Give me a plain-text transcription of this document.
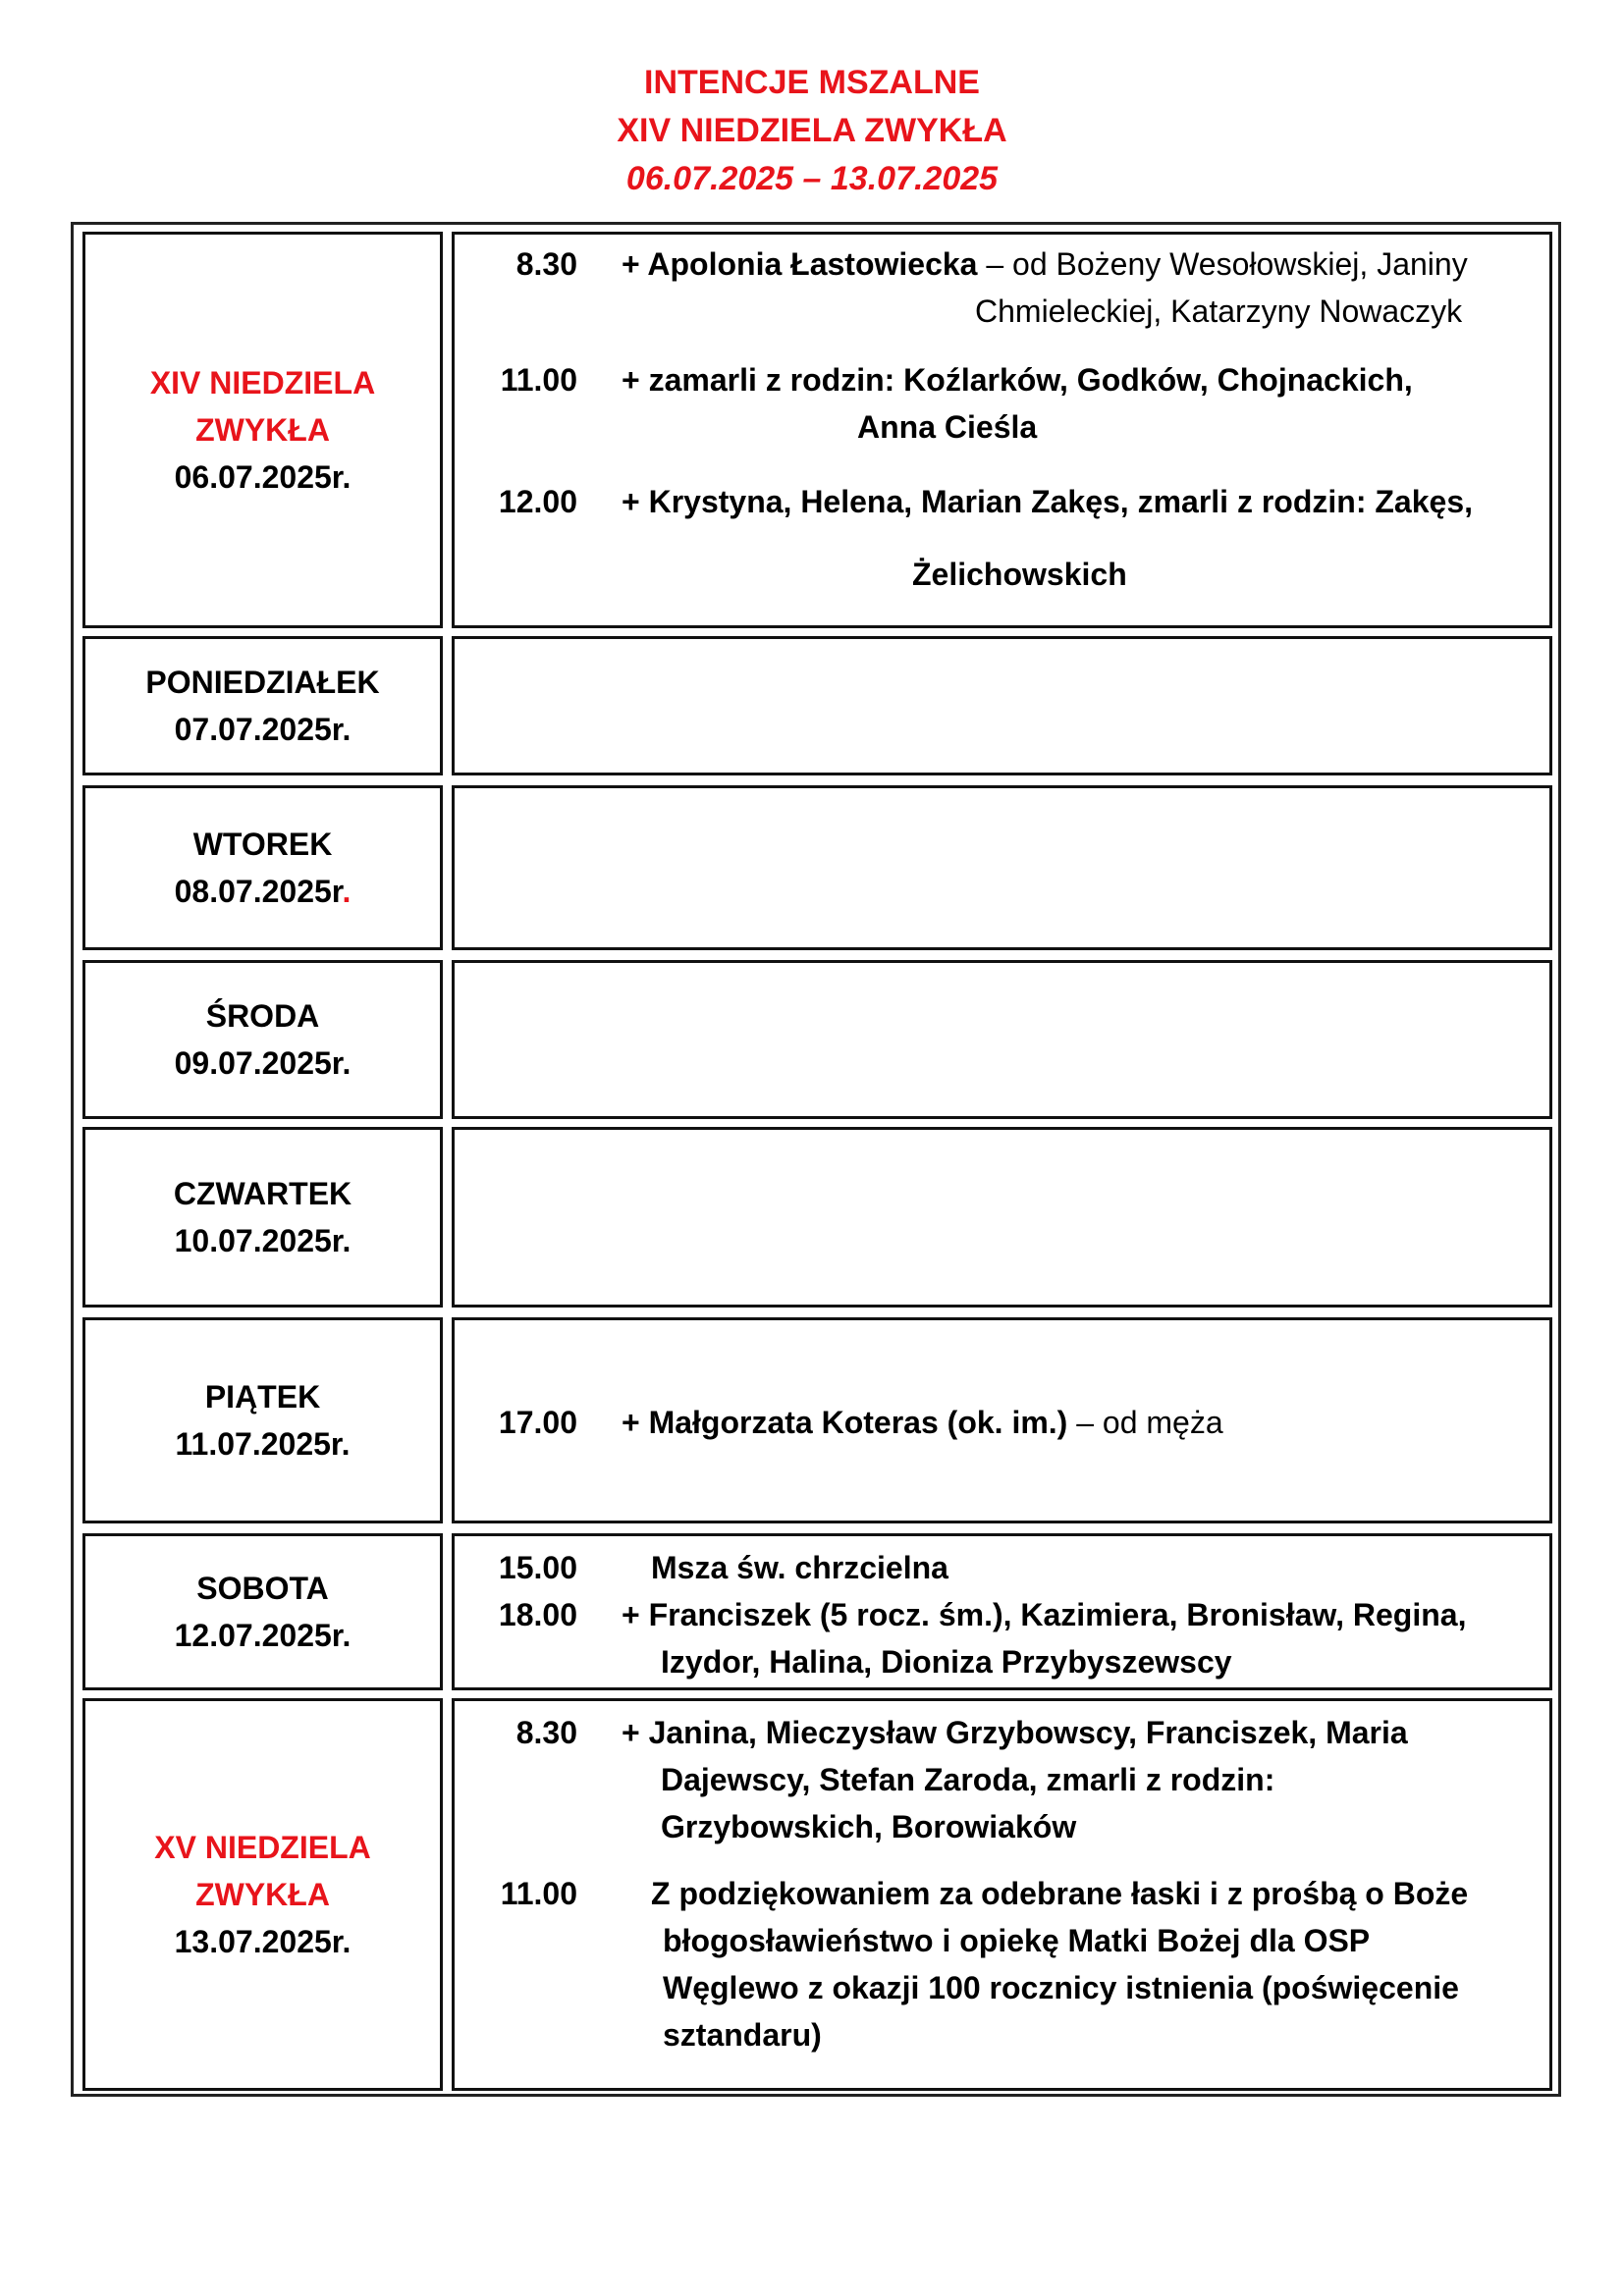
INTENCJE MSZALNE
XIV NIEDZIELA ZWYKŁA
06.07.2025 – 13.07.2025
XIV NIEDZIELA
ZWYKŁA
06.07.2025r.
8.30 + Apolonia Łastowiecka – od Bożeny Wesołowskiej, Janiny
Chmieleckiej, Katarzyny Nowaczyk
11.00 + zamarli z rodzin: Koźlarków, Godków, Chojnackich,
Anna Cieśla
12.00 + Krystyna, Helena, Marian Zakęs, zmarli z rodzin: Zakęs,
Żelichowskich
PONIEDZIAŁEK
07.07.2025r.
WTOREK
08.07.2025r.
ŚRODA
09.07.2025r.
CZWARTEK
10.07.2025r.
PIĄTEK
11.07.2025r.
17.00 + Małgorzata Koteras (ok. im.) – od męża
SOBOTA
12.07.2025r.
15.00 Msza św. chrzcielna
18.00 + Franciszek (5 rocz. śm.), Kazimiera, Bronisław, Regina,
Izydor, Halina, Dioniza Przybyszewscy
XV NIEDZIELA
ZWYKŁA
13.07.2025r.
8.30 + Janina, Mieczysław Grzybowscy, Franciszek, Maria
Dajewscy, Stefan Zaroda, zmarli z rodzin:
Grzybowskich, Borowiaków
11.00 Z podziękowaniem za odebrane łaski i z prośbą o Boże
błogosławieństwo i opiekę Matki Bożej dla OSP
Węglewo z okazji 100 rocznicy istnienia (poświęcenie
sztandaru)
